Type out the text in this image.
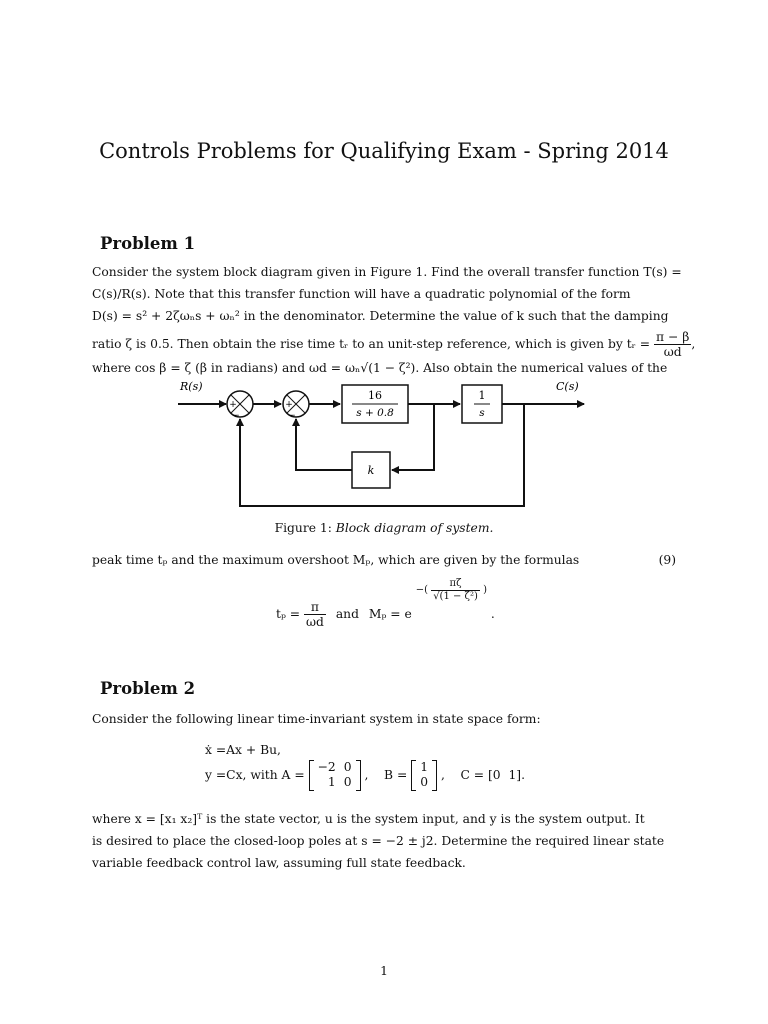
Controls Problems for Qualifying Exam - Spring 2014
Problem 1
Consider the system block diagram given in Figure 1. Find the overall transfer function T(s) =
C(s)/R(s). Note that this transfer function will have a quadratic polynomial of the form
D(s) = s² + 2ζωₙs + ωₙ² in the denominator. Determine the value of k such that the damping
ratio ζ is 0.5. Then obtain the rise time tᵣ to an unit-step reference, which is given by tᵣ = $\frac{\pi - \beta}{\omega d}$ ,
where cos β = ζ (β in radians) and ωd = ωₙ√(1 − ζ²). Also obtain the numerical values of the
R(s)	C(s)
16
s + 0.8
1
s
k
+
−
+
−
Figure 1: Block diagram of system.
peak time tₚ and the maximum overshoot Mₚ, which are given by the formulas	(9)
$t_p = \frac{\pi}{\omega d}$ and Mₚ = e −( $\frac{\pi\zeta}{\text{√(1 − ζ²)}}$ ) .
Problem 2
Consider the following linear time-invariant system in state space form:
ẋ =Ax + Bu,
y =Cx, with A =
−2	0
1	0
,    B =
1
0
,    C = [0  1].
where x = [x₁ x₂]ᵀ is the state vector, u is the system input, and y is the system output. It
is desired to place the closed-loop poles at s = −2 ± j2. Determine the required linear state
variable feedback control law, assuming full state feedback.
1
